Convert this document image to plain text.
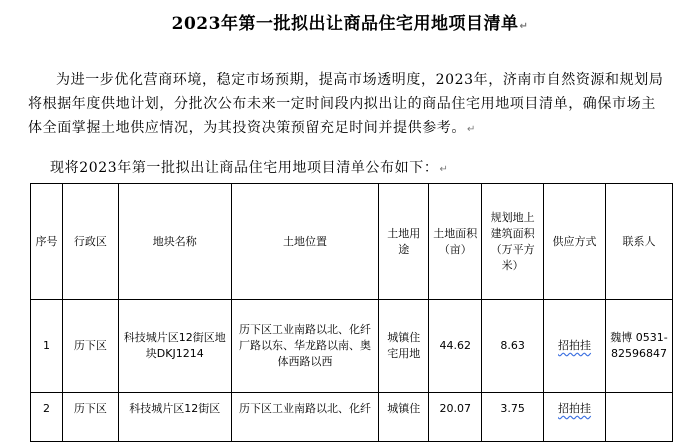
2023年第一批拟出让商品住宅用地项目清单↵
为进一步优化营商环境，稳定市场预期，提高市场透明度，2023年，济南市自然资源和规划局将根据年度供地计划，分批次公布未来一定时间段内拟出让的商品住宅用地项目清单，确保市场主体全面掌握土地供应情况，为其投资决策预留充足时间并提供参考。↵
现将2023年第一批拟出让商品住宅用地项目清单公布如下：↵
序号	行政区	地块名称	土地位置	土地用途	土地面积（亩）	规划地上建筑面积（万平方米）	供应方式	联系人
1	历下区	科技城片区12街区地块DKJ1214	历下区工业南路以北、化纤厂路以东、华龙路以南、奥体西路以西	城镇住宅用地	44.62	8.63	招拍挂	魏博 0531-82596847
2	历下区	科技城片区12街区	历下区工业南路以北、化纤	城镇住	20.07	3.75	招拍挂	
